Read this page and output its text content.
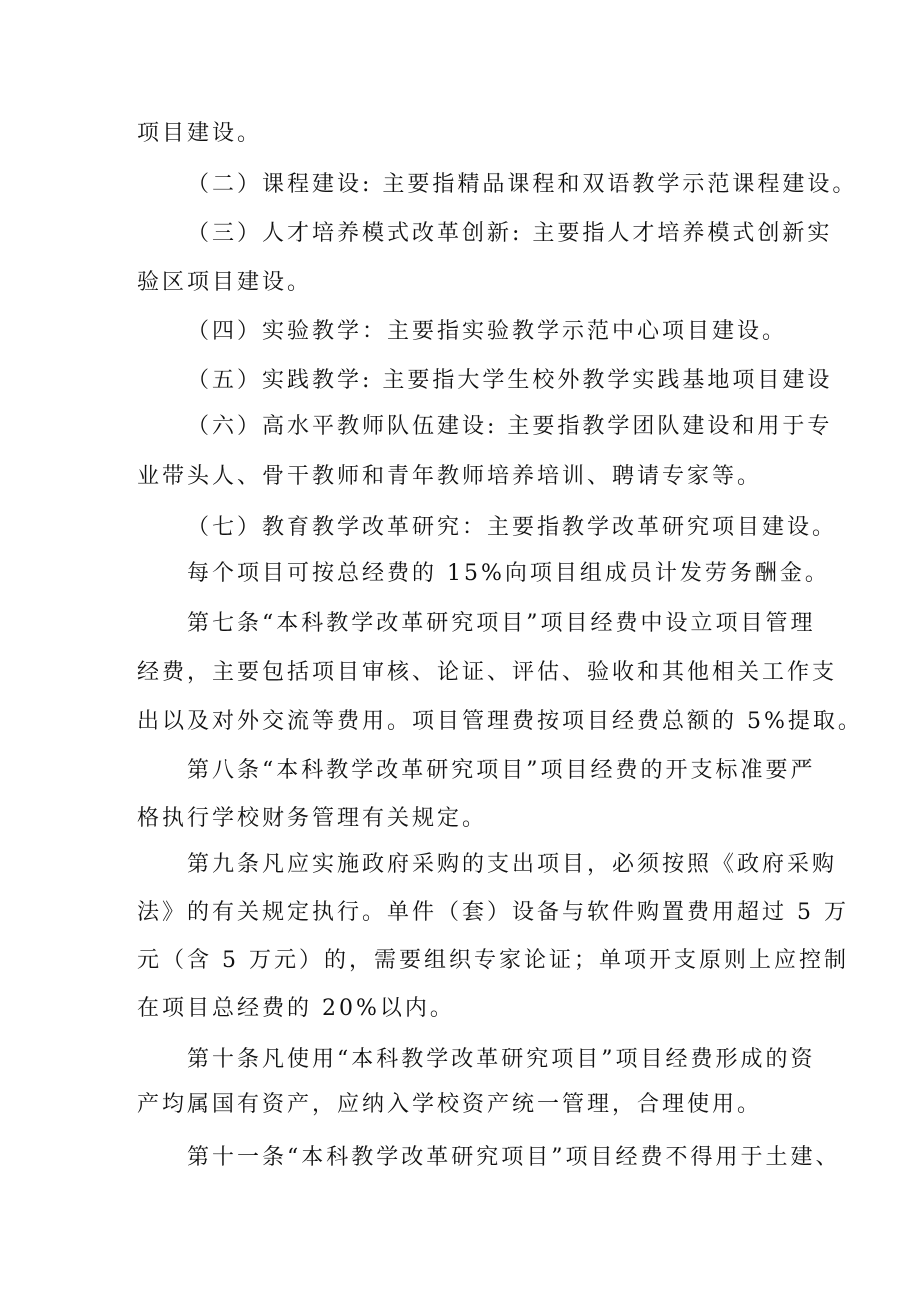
项目建设。

（二）课程建设: 主要指精品课程和双语教学示范课程建设。

（三）人才培养模式改革创新: 主要指人才培养模式创新实

验区项目建设。

（四）实验教学：主要指实验教学示范中心项目建设。

（五）实践教学: 主要指大学生校外教学实践基地项目建设

（六）高水平教师队伍建设: 主要指教学团队建设和用于专

业带头人、骨干教师和青年教师培养培训、聘请专家等。

（七）教育教学改革研究：主要指教学改革研究项目建设。

每个项目可按总经费的 15%向项目组成员计发劳务酬金。

第七条“本科教学改革研究项目”项目经费中设立项目管理

经费，主要包括项目审核、论证、评估、验收和其他相关工作支

出以及对外交流等费用。项目管理费按项目经费总额的 5%提取。

第八条“本科教学改革研究项目”项目经费的开支标准要严

格执行学校财务管理有关规定。

第九条凡应实施政府采购的支出项目，必须按照《政府采购

法》的有关规定执行。单件（套）设备与软件购置费用超过 5 万

元（含 5 万元）的，需要组织专家论证；单项开支原则上应控制

在项目总经费的 20%以内。

第十条凡使用“本科教学改革研究项目”项目经费形成的资

产均属国有资产，应纳入学校资产统一管理，合理使用。

第十一条“本科教学改革研究项目”项目经费不得用于土建、
